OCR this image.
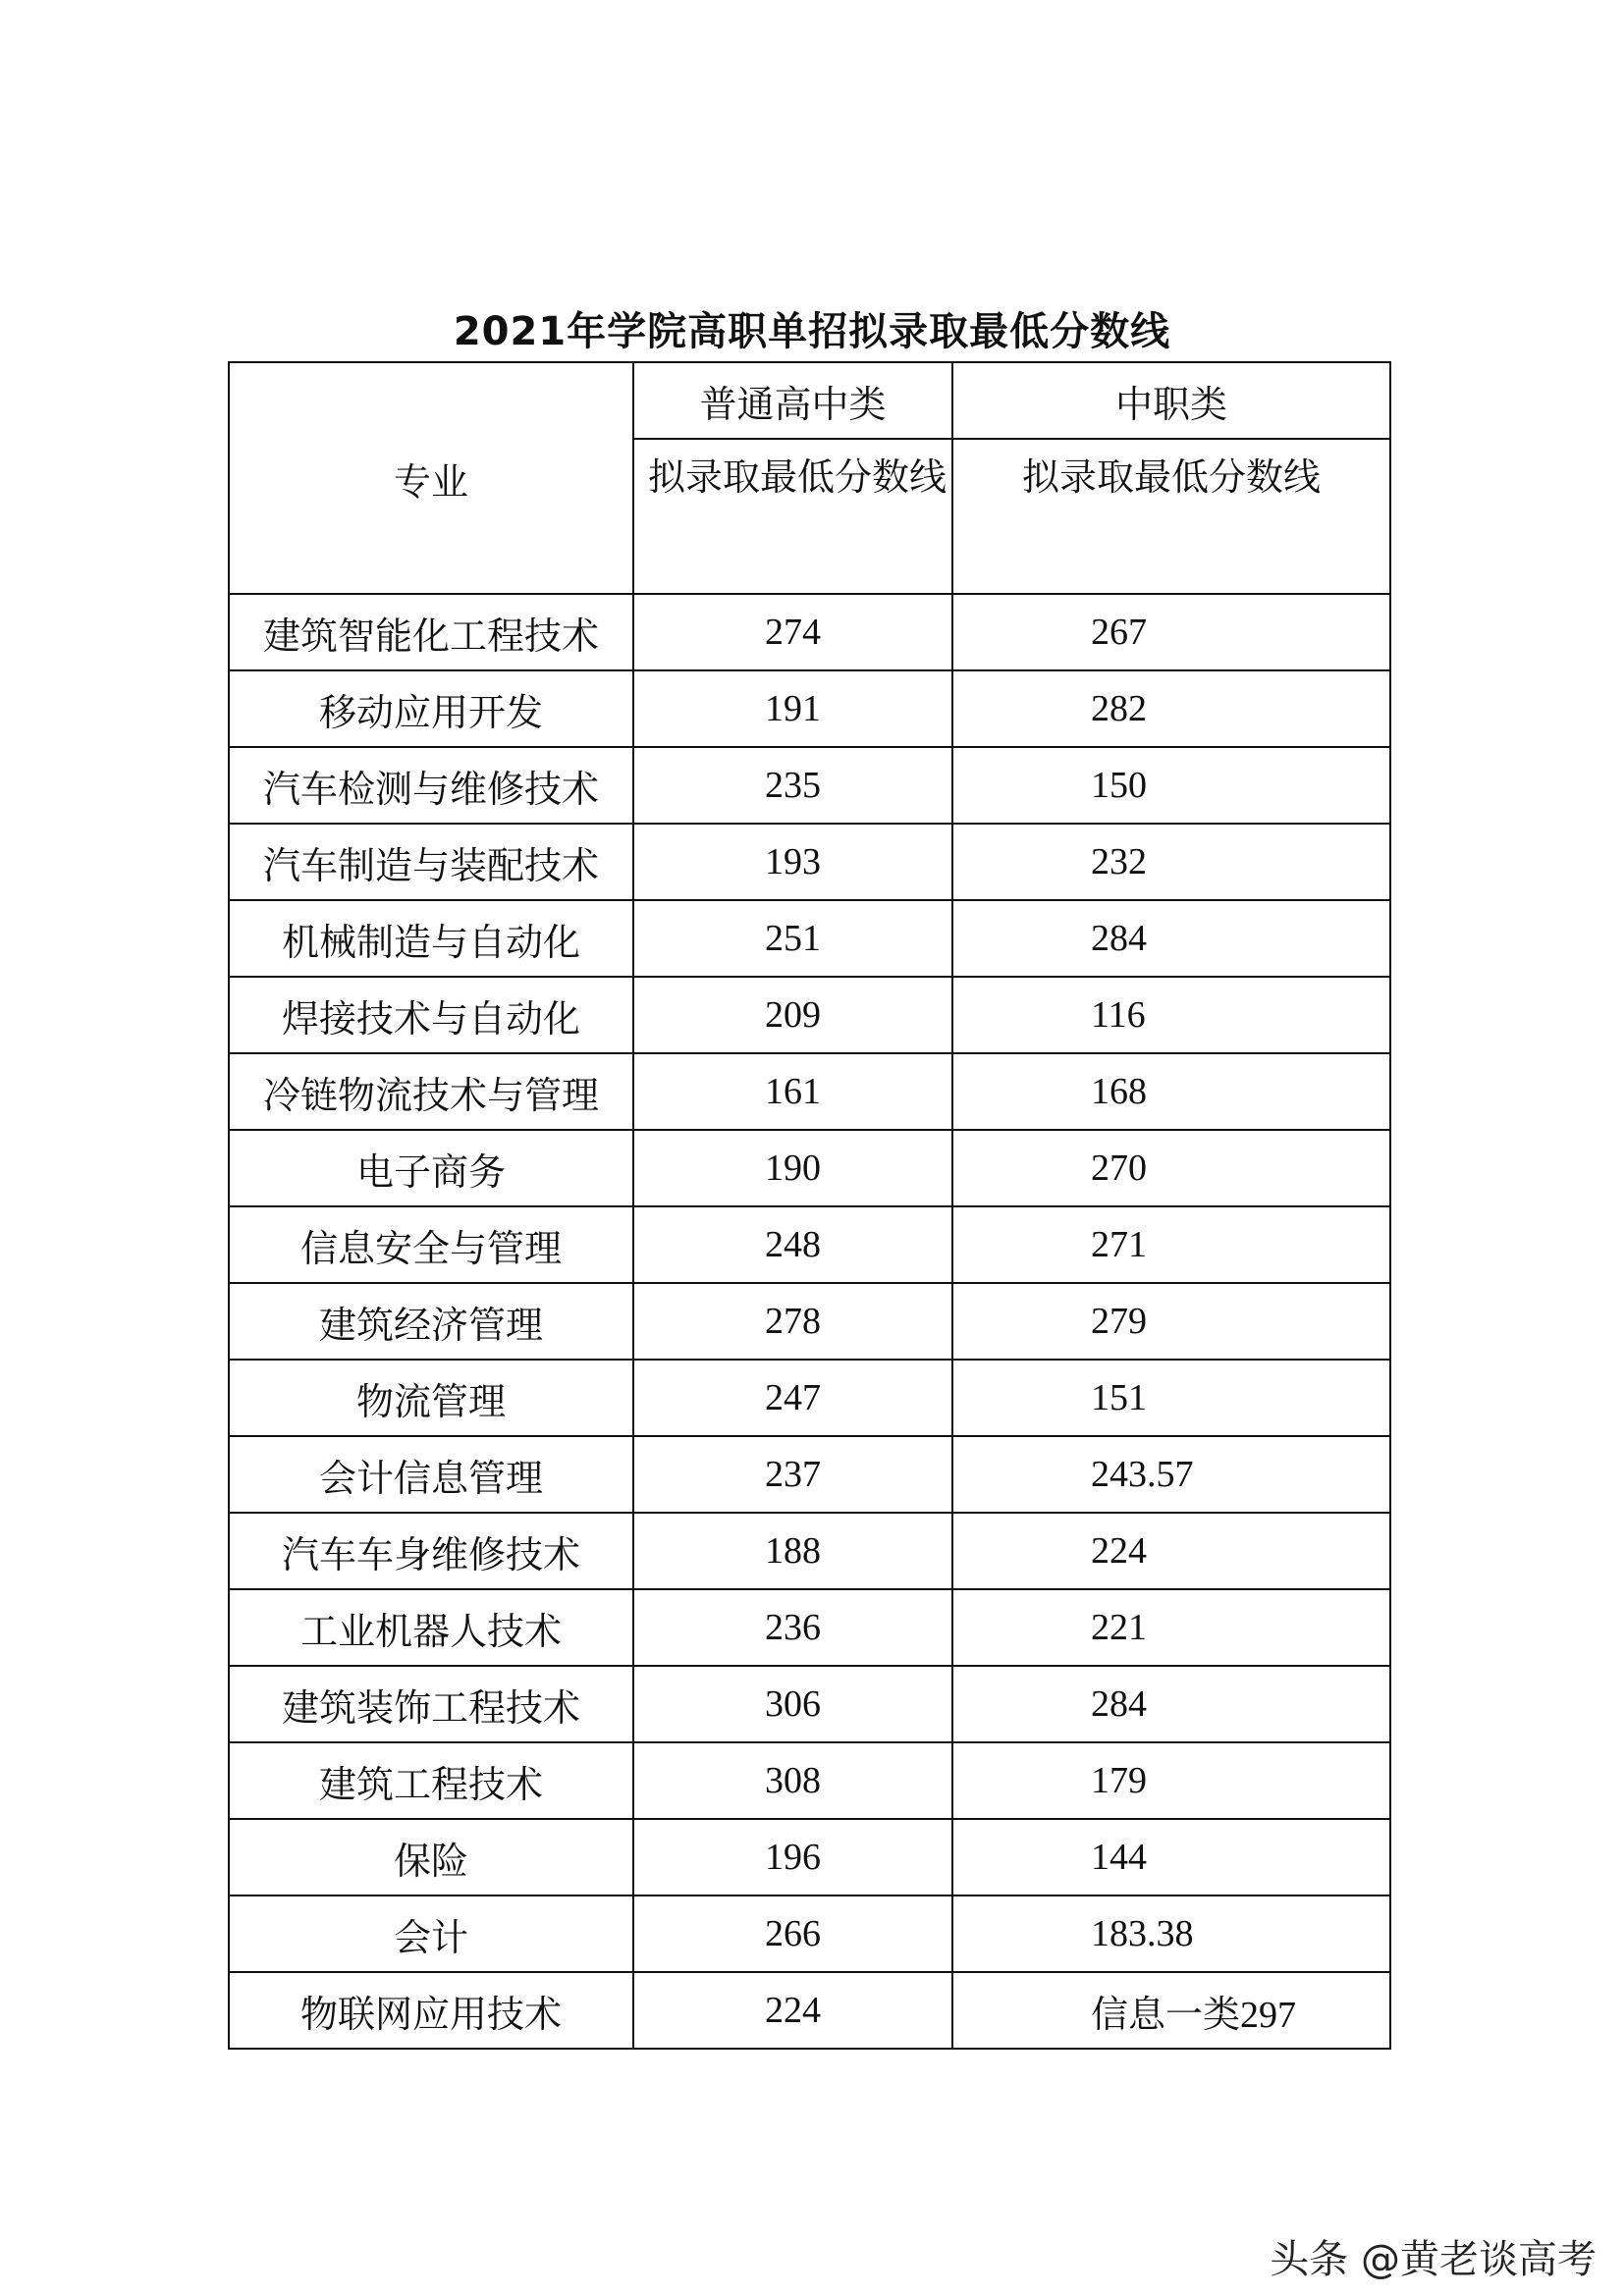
2021年学院高职单招拟录取最低分数线
专业	普通高中类	中职类
	拟录取最低分数线	拟录取最低分数线
建筑智能化工程技术	274	267
移动应用开发	191	282
汽车检测与维修技术	235	150
汽车制造与装配技术	193	232
机械制造与自动化	251	284
焊接技术与自动化	209	116
冷链物流技术与管理	161	168
电子商务	190	270
信息安全与管理	248	271
建筑经济管理	278	279
物流管理	247	151
会计信息管理	237	243.57
汽车车身维修技术	188	224
工业机器人技术	236	221
建筑装饰工程技术	306	284
建筑工程技术	308	179
保险	196	144
会计	266	183.38
物联网应用技术	224	信息一类297
头条 @黄老谈高考
